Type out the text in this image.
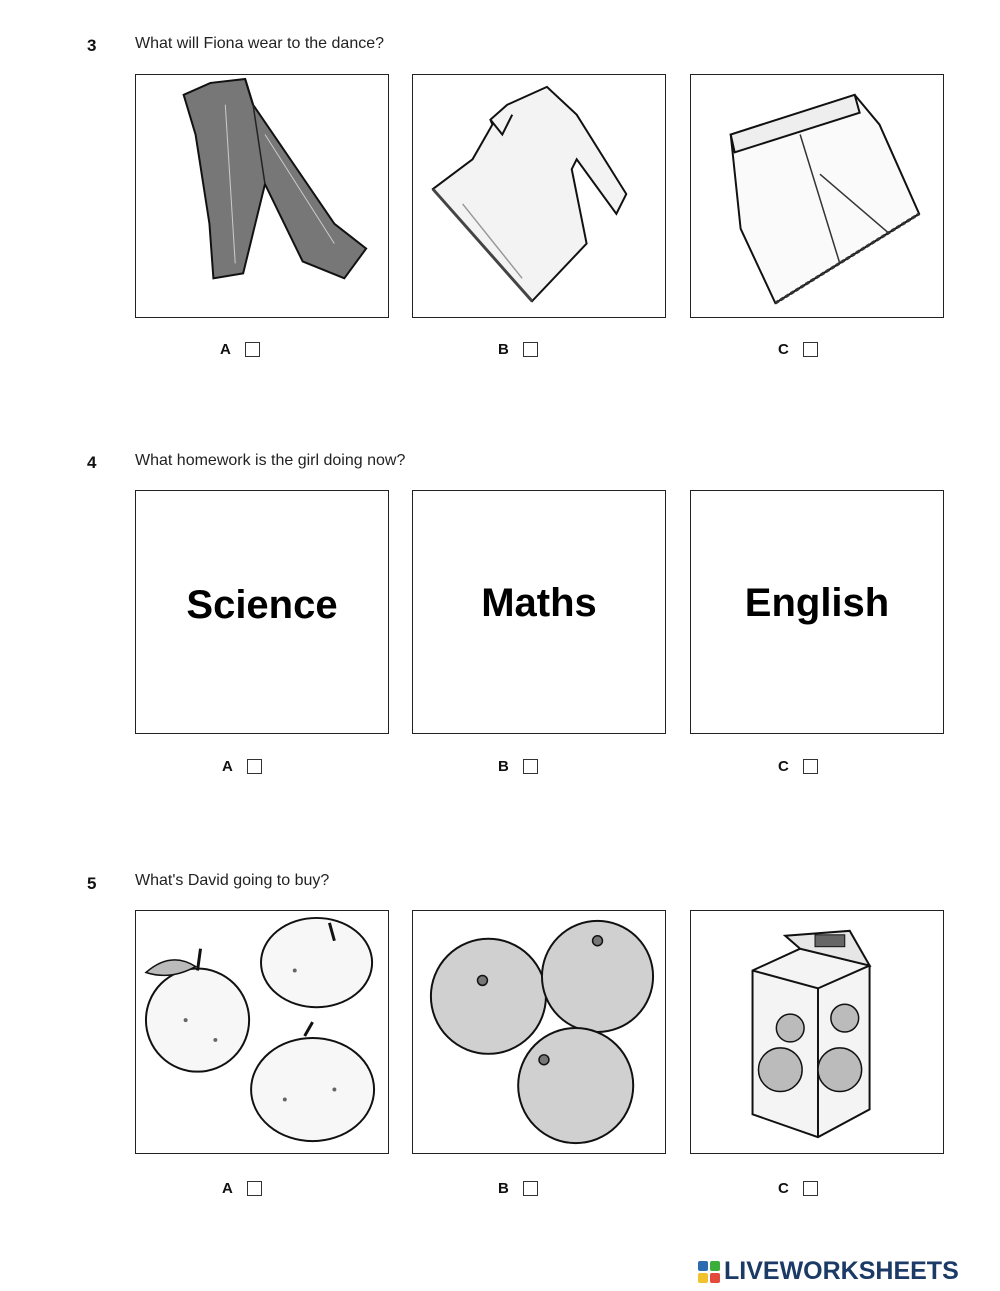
3 What will Fiona wear to the dance?
A	B	C
4 What homework is the girl doing now?
Science	Maths	English
A	B	C
5 What's David going to buy?
A	B	C
LIVEWORKSHEETS
